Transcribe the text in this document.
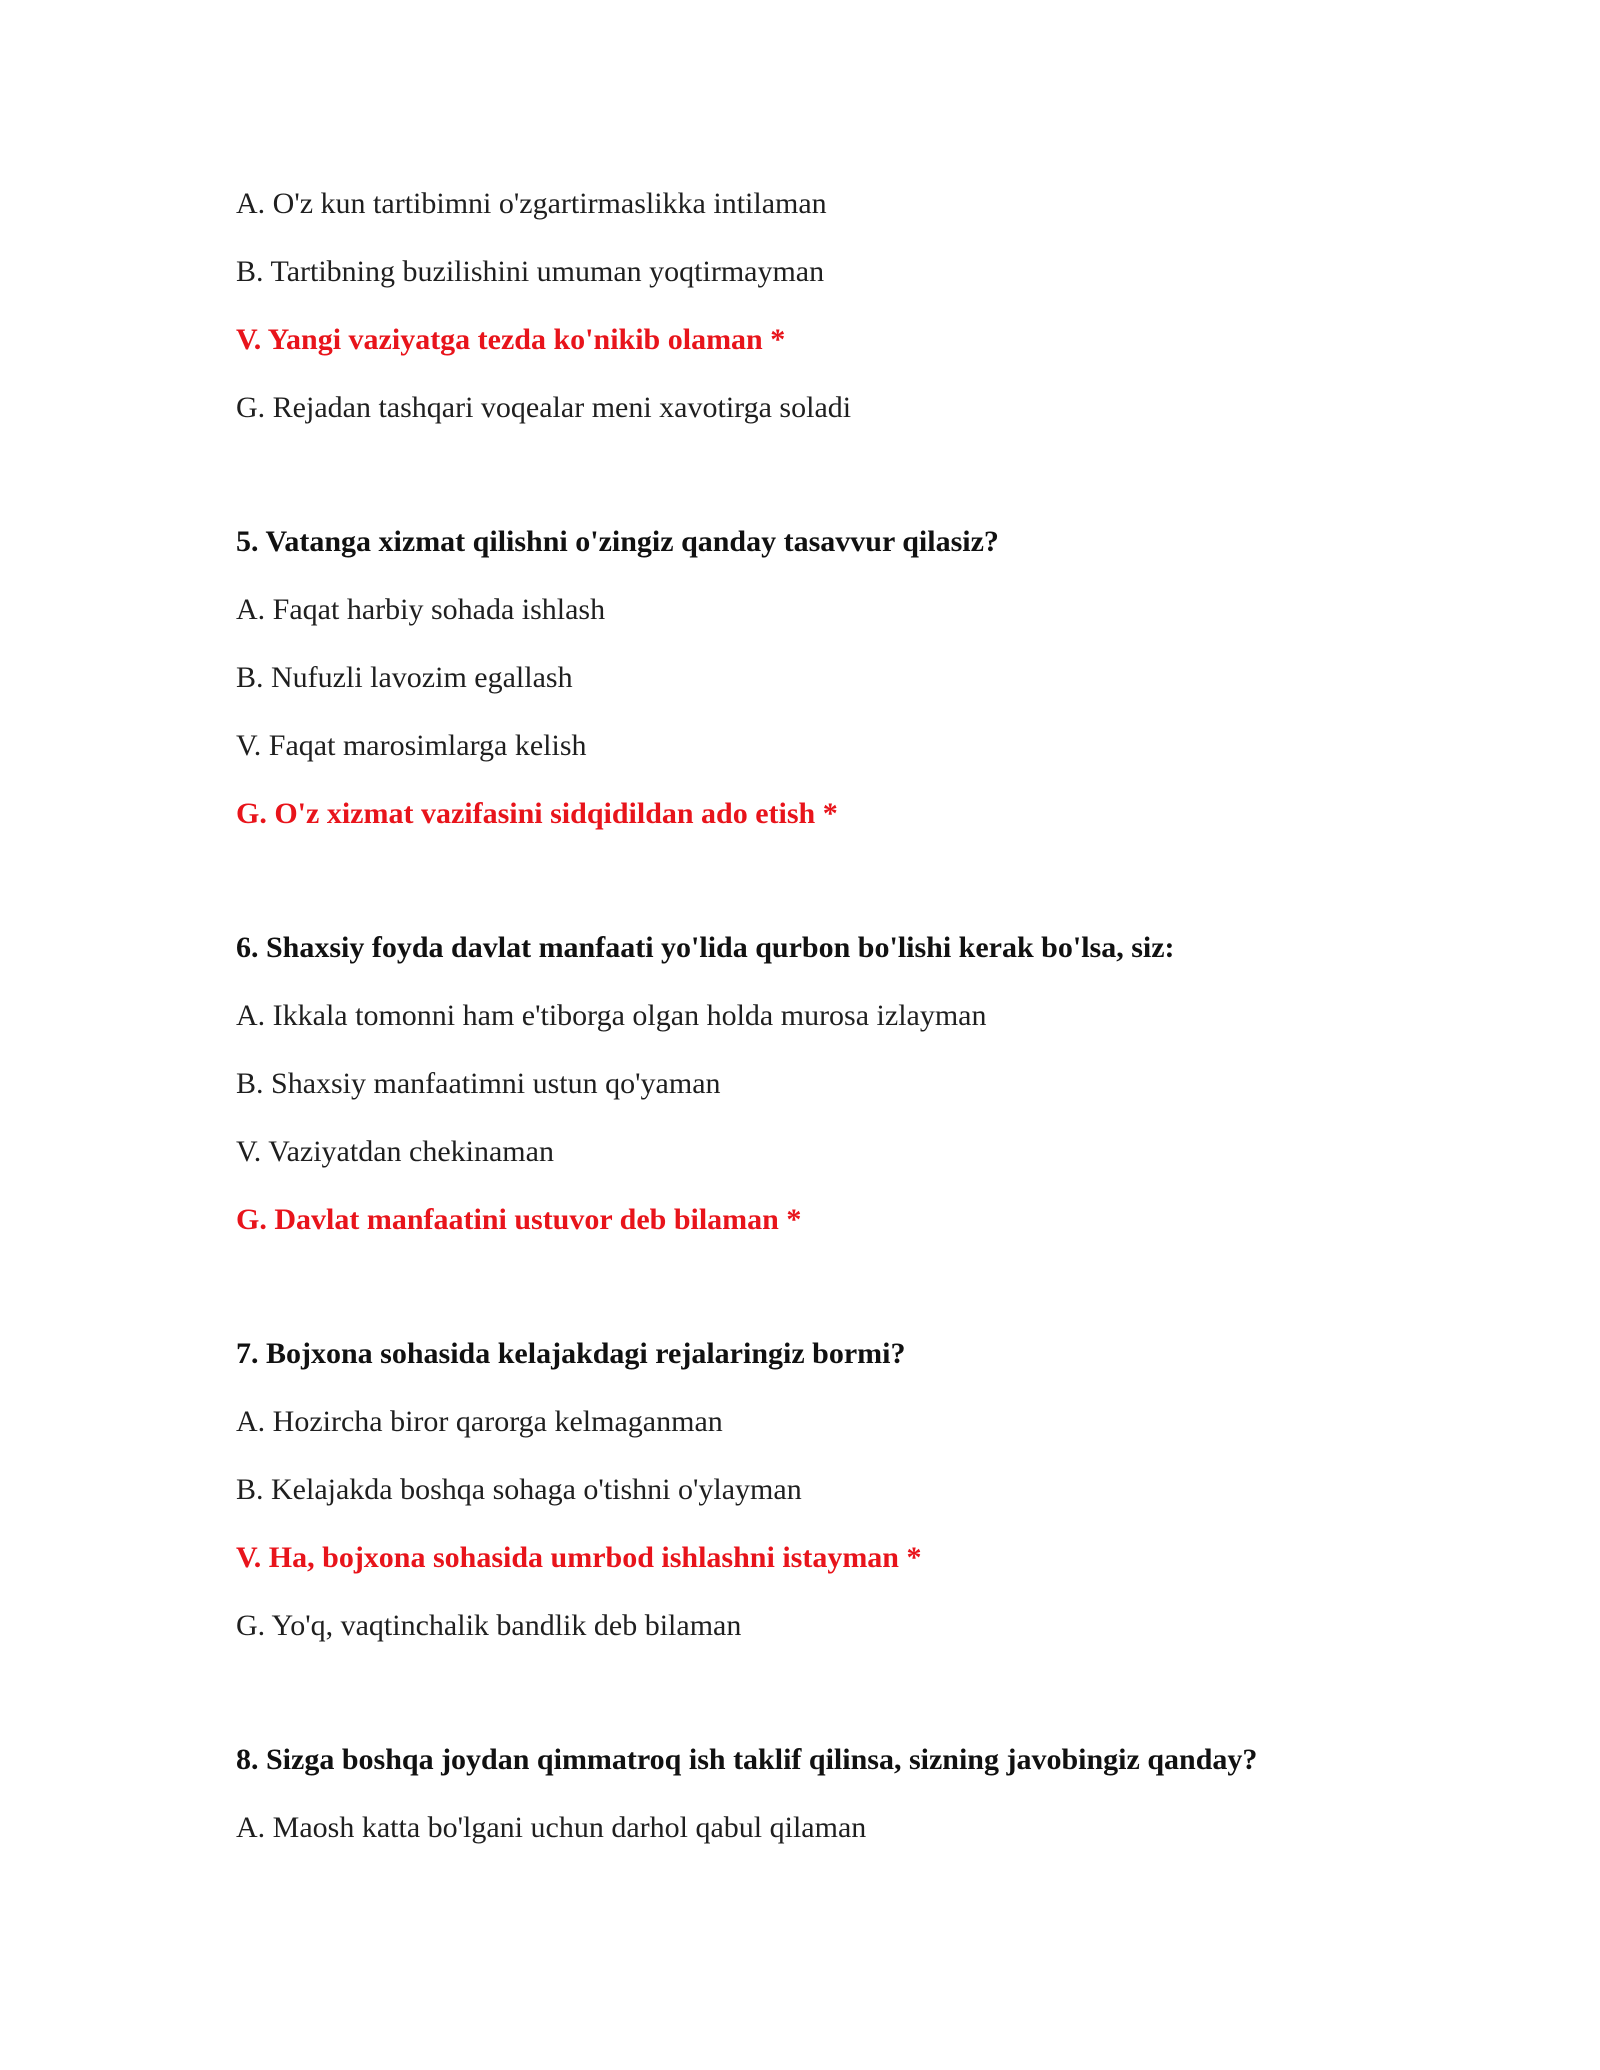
A. O'z kun tartibimni o'zgartirmaslikka intilaman
B. Tartibning buzilishini umuman yoqtirmayman
V. Yangi vaziyatga tezda ko'nikib olaman *
G. Rejadan tashqari voqealar meni xavotirga soladi
5. Vatanga xizmat qilishni o'zingiz qanday tasavvur qilasiz?
A. Faqat harbiy sohada ishlash
B. Nufuzli lavozim egallash
V. Faqat marosimlarga kelish
G. O'z xizmat vazifasini sidqidildan ado etish *
6. Shaxsiy foyda davlat manfaati yo'lida qurbon bo'lishi kerak bo'lsa, siz:
A. Ikkala tomonni ham e'tiborga olgan holda murosa izlayman
B. Shaxsiy manfaatimni ustun qo'yaman
V. Vaziyatdan chekinaman
G. Davlat manfaatini ustuvor deb bilaman *
7. Bojxona sohasida kelajakdagi rejalaringiz bormi?
A. Hozircha biror qarorga kelmaganman
B. Kelajakda boshqa sohaga o'tishni o'ylayman
V. Ha, bojxona sohasida umrbod ishlashni istayman *
G. Yo'q, vaqtinchalik bandlik deb bilaman
8. Sizga boshqa joydan qimmatroq ish taklif qilinsa, sizning javobingiz qanday?
A. Maosh katta bo'lgani uchun darhol qabul qilaman
